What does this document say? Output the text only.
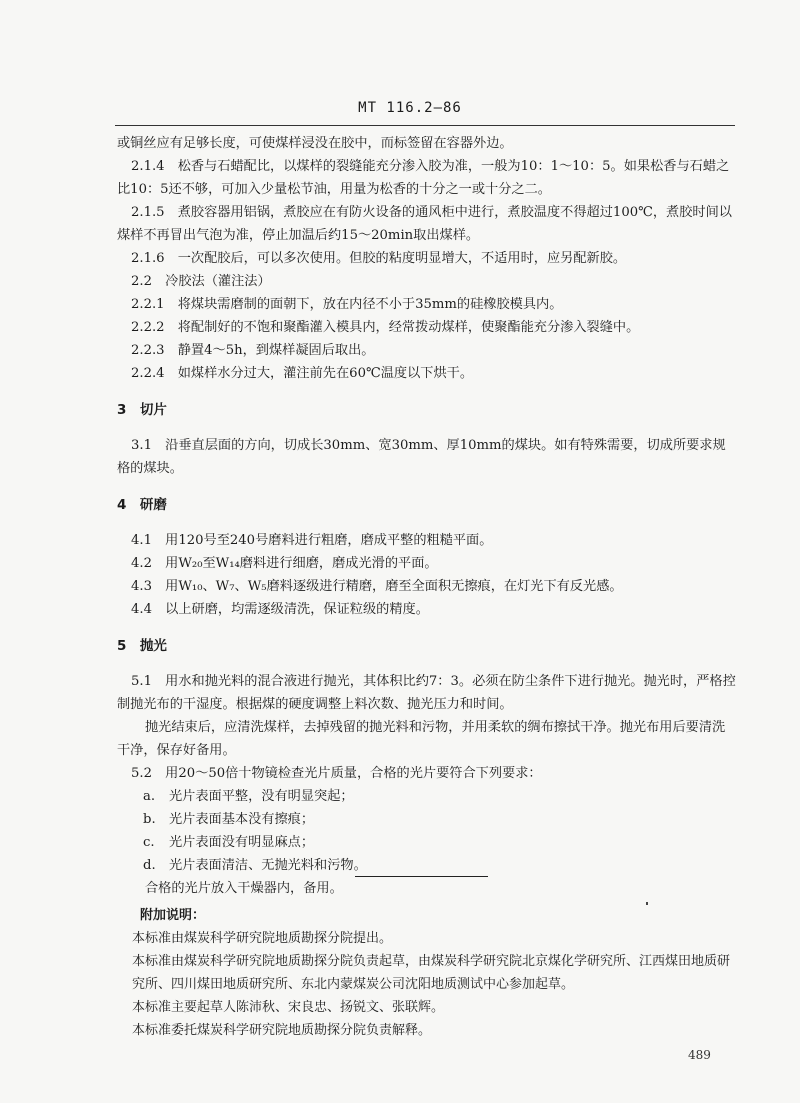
MT 116.2—86

或铜丝应有足够长度，可使煤样浸没在胶中，而标签留在容器外边。

2.1.4　松香与石蜡配比，以煤样的裂缝能充分渗入胶为准，一般为10：1～10：5。如果松香与石蜡之比10：5还不够，可加入少量松节油，用量为松香的十分之一或十分之二。

2.1.5　煮胶容器用铝锅，煮胶应在有防火设备的通风柜中进行，煮胶温度不得超过100℃，煮胶时间以煤样不再冒出气泡为准，停止加温后约15～20min取出煤样。

2.1.6　一次配胶后，可以多次使用。但胶的粘度明显增大，不适用时，应另配新胶。

2.2　冷胶法（灌注法）

2.2.1　将煤块需磨制的面朝下，放在内径不小于35mm的硅橡胶模具内。

2.2.2　将配制好的不饱和聚酯灌入模具内，经常拨动煤样，使聚酯能充分渗入裂缝中。

2.2.3　静置4～5h，到煤样凝固后取出。

2.2.4　如煤样水分过大，灌注前先在60℃温度以下烘干。

3　切片

3.1　沿垂直层面的方向，切成长30mm、宽30mm、厚10mm的煤块。如有特殊需要，切成所要求规格的煤块。

4　研磨

4.1　用120号至240号磨料进行粗磨，磨成平整的粗糙平面。

4.2　用W₂₀至W₁₄磨料进行细磨，磨成光滑的平面。

4.3　用W₁₀、W₇、W₅磨料逐级进行精磨，磨至全面积无擦痕，在灯光下有反光感。

4.4　以上研磨，均需逐级清洗，保证粒级的精度。

5　抛光

5.1　用水和抛光料的混合液进行抛光，其体积比约7：3。必须在防尘条件下进行抛光。抛光时，严格控制抛光布的干湿度。根据煤的硬度调整上料次数、抛光压力和时间。

抛光结束后，应清洗煤样，去掉残留的抛光料和污物，并用柔软的绸布擦拭干净。抛光布用后要清洗干净，保存好备用。

5.2　用20～50倍十物镜检查光片质量，合格的光片要符合下列要求：

a. 光片表面平整，没有明显突起；
b. 光片表面基本没有擦痕；
c. 光片表面没有明显麻点；
d. 光片表面清洁、无抛光料和污物。

合格的光片放入干燥器内，备用。

附加说明：

本标准由煤炭科学研究院地质勘探分院提出。

本标准由煤炭科学研究院地质勘探分院负责起草，由煤炭科学研究院北京煤化学研究所、江西煤田地质研究所、四川煤田地质研究所、东北内蒙煤炭公司沈阳地质测试中心参加起草。

本标准主要起草人陈沛秋、宋良忠、扬锐文、张联辉。

本标准委托煤炭科学研究院地质勘探分院负责解释。

489
